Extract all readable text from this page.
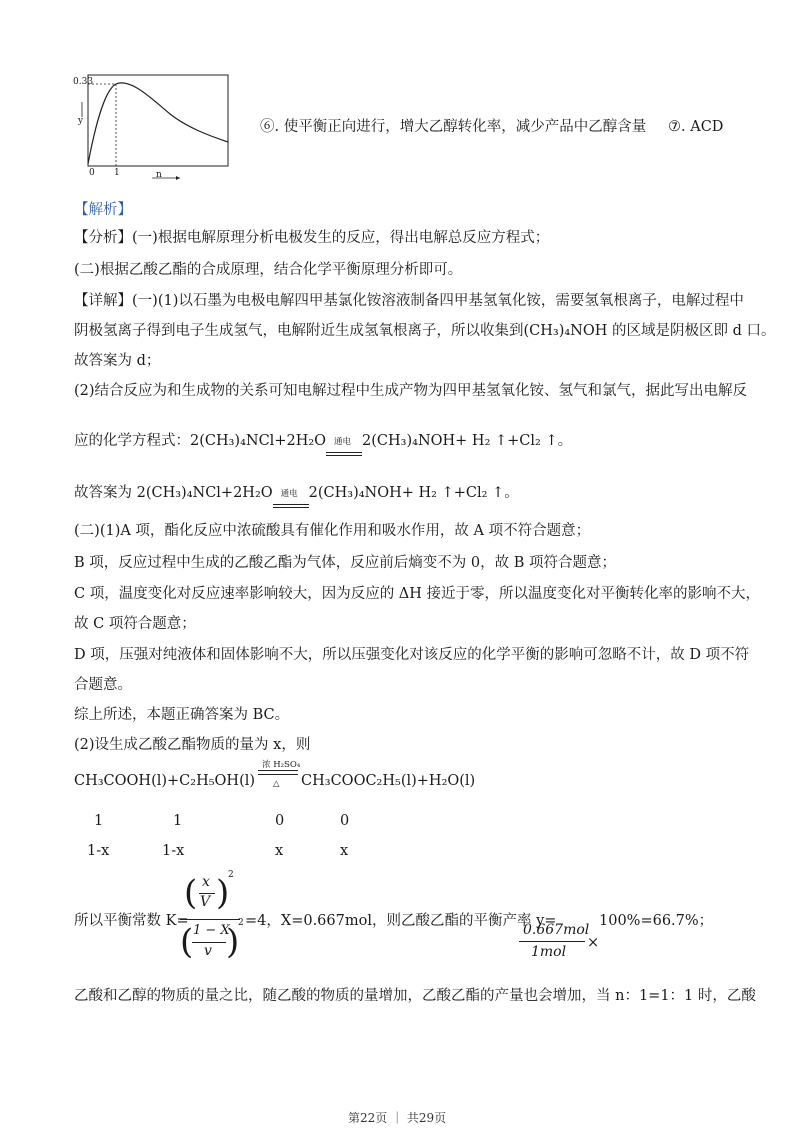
0.33
y
0 1	n
⑥. 使平衡正向进行，增大乙醇转化率，减少产品中乙醇含量 ⑦. ACD
【解析】
【分析】(一)根据电解原理分析电极发生的反应，得出电解总反应方程式；
(二)根据乙酸乙酯的合成原理，结合化学平衡原理分析即可。
【详解】(一)(1)以石墨为电极电解四甲基氯化铵溶液制备四甲基氢氧化铵，需要氢氧根离子，电解过程中
阴极氢离子得到电子生成氢气，电解附近生成氢氧根离子，所以收集到(CH₃)₄NOH 的区域是阴极区即 d 口。
故答案为 d；
(2)结合反应为和生成物的关系可知电解过程中生成产物为四甲基氢氧化铵、氢气和氯气，据此写出电解反
应的化学方程式：2(CH₃)₄NCl+2H₂O 通电 2(CH₃)₄NOH+ H₂ ↑+Cl₂ ↑。
故答案为 2(CH₃)₄NCl+2H₂O 通电 2(CH₃)₄NOH+ H₂ ↑+Cl₂ ↑。
(二)(1)A 项，酯化反应中浓硫酸具有催化作用和吸水作用，故 A 项不符合题意；
B 项，反应过程中生成的乙酸乙酯为气体，反应前后熵变不为 0，故 B 项符合题意；
C 项，温度变化对反应速率影响较大，因为反应的 ΔH 接近于零，所以温度变化对平衡转化率的影响不大，
故 C 项符合题意；
D 项，压强对纯液体和固体影响不大，所以压强变化对该反应的化学平衡的影响可忽略不计，故 D 项不符
合题意。
综上所述，本题正确答案为 BC。
(2)设生成乙酸乙酯物质的量为 x，则
CH₃COOH(l)+C₂H₅OH(l)
浓 H₂SO₄
△ CH₃COOC₂H₅(l)+H₂O(l)
1	1	0	0
1-x	1-x	x	x
所以平衡常数 K=
( x
V )
2
( 1 − X
v )
2 =4，X=0.667mol，则乙酸乙酯的平衡产率 y=
0.667mol
1mol
×
100%=66.7%；
乙酸和乙醇的物质的量之比，随乙酸的物质的量增加，乙酸乙酯的产量也会增加，当 n：1=1：1 时，乙酸
第22页 ｜ 共29页
